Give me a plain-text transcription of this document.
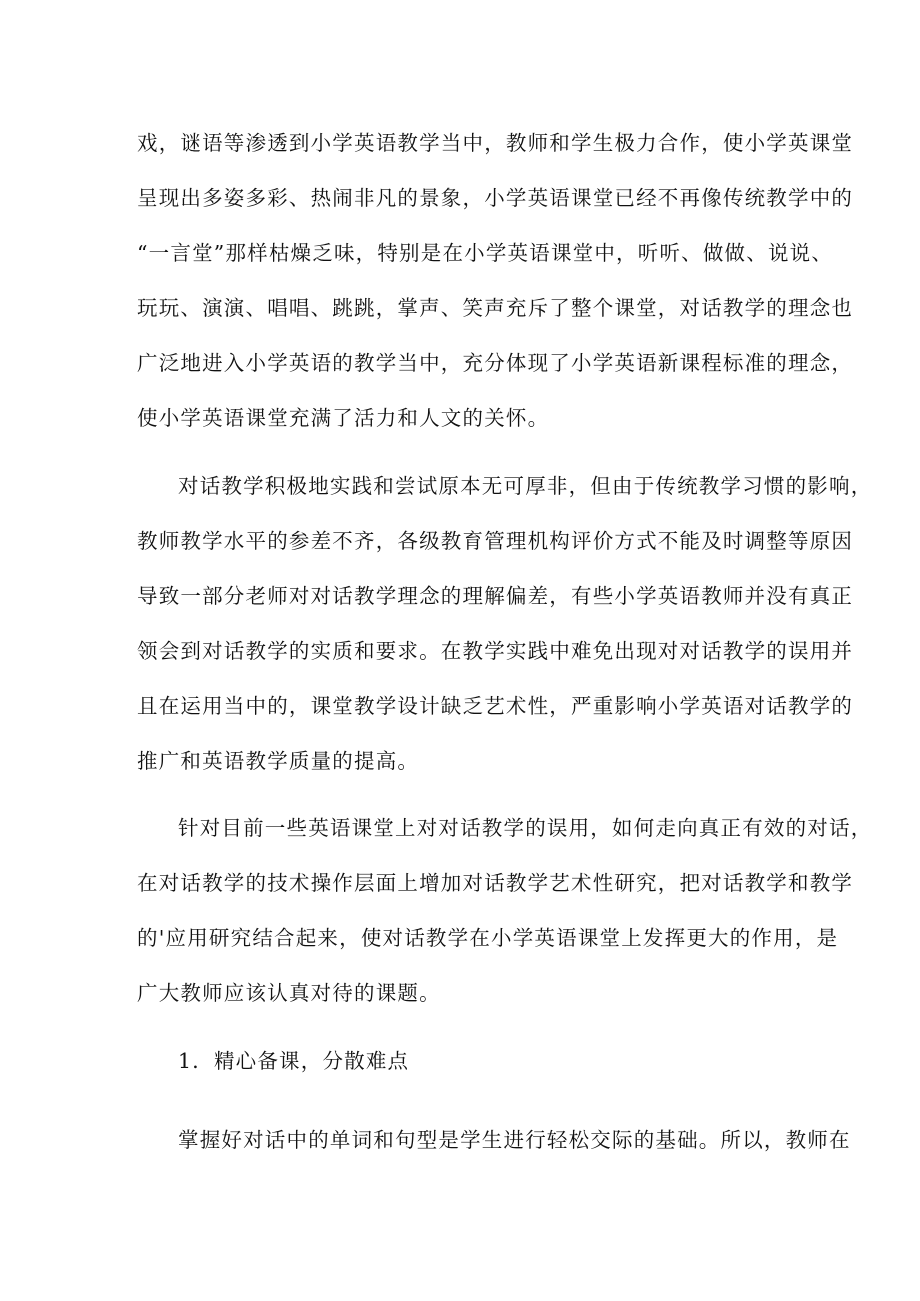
戏，谜语等渗透到小学英语教学当中，教师和学生极力合作，使小学英课堂
呈现出多姿多彩、热闹非凡的景象，小学英语课堂已经不再像传统教学中的
“一言堂”那样枯燥乏味，特别是在小学英语课堂中，听听、做做、说说、
玩玩、演演、唱唱、跳跳，掌声、笑声充斥了整个课堂，对话教学的理念也
广泛地进入小学英语的教学当中，充分体现了小学英语新课程标准的理念，
使小学英语课堂充满了活力和人文的关怀。
对话教学积极地实践和尝试原本无可厚非，但由于传统教学习惯的影响，
教师教学水平的参差不齐，各级教育管理机构评价方式不能及时调整等原因
导致一部分老师对对话教学理念的理解偏差，有些小学英语教师并没有真正
领会到对话教学的实质和要求。在教学实践中难免出现对对话教学的误用并
且在运用当中的，课堂教学设计缺乏艺术性，严重影响小学英语对话教学的
推广和英语教学质量的提高。
针对目前一些英语课堂上对对话教学的误用，如何走向真正有效的对话，
在对话教学的技术操作层面上增加对话教学艺术性研究，把对话教学和教学
的'应用研究结合起来，使对话教学在小学英语课堂上发挥更大的作用，是
广大教师应该认真对待的课题。
1．精心备课，分散难点
掌握好对话中的单词和句型是学生进行轻松交际的基础。所以，教师在
